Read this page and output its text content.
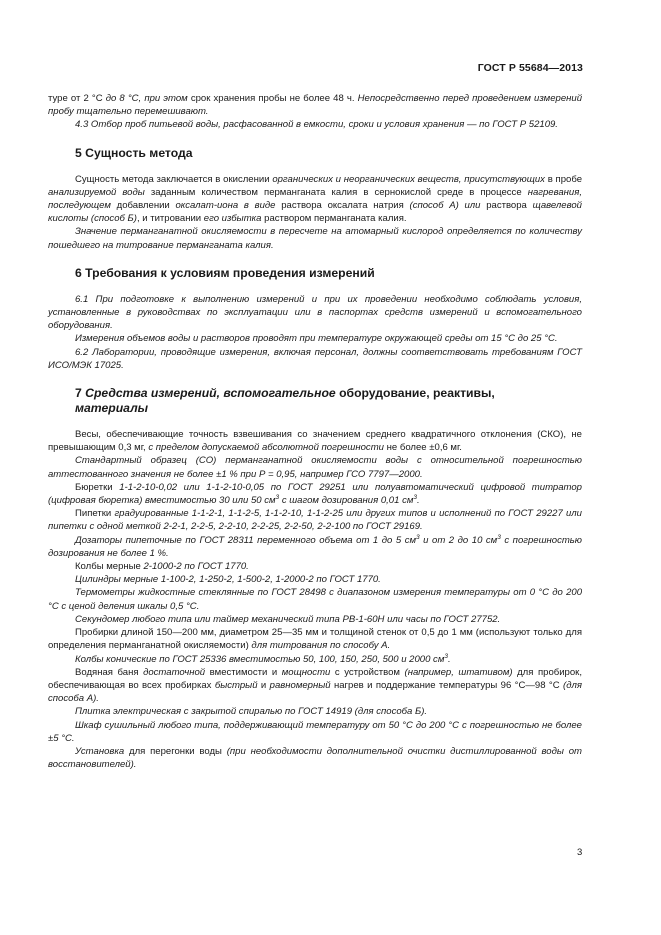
ГОСТ Р 55684—2013

туре от 2 °С до 8 °С, при этом срок хранения пробы не более 48 ч. Непосредственно перед проведением измерений пробу тщательно перемешивают.

4.3 Отбор проб питьевой воды, расфасованной в емкости, сроки и условия хранения — по ГОСТ Р 52109.

5 Сущность метода

Сущность метода заключается в окислении органических и неорганических веществ, присутствующих в пробе анализируемой воды заданным количеством перманганата калия в сернокислой среде в процессе нагревания, последующем добавлении оксалат-иона в виде раствора оксалата натрия (способ А) или раствора щавелевой кислоты (способ Б), и титровании его избытка раствором перманганата калия.

Значение перманганатной окисляемости в пересчете на атомарный кислород определяется по количеству пошедшего на титрование перманганата калия.

6 Требования к условиям проведения измерений

6.1 При подготовке к выполнению измерений и при их проведении необходимо соблюдать условия, установленные в руководствах по эксплуатации или в паспортах средств измерений и вспомогательного оборудования.

Измерения объемов воды и растворов проводят при температуре окружающей среды от 15 °С до 25 °С.

6.2 Лаборатории, проводящие измерения, включая персонал, должны соответствовать требованиям ГОСТ ИСО/МЭК 17025.

7 Средства измерений, вспомогательное оборудование, реактивы,
материалы

Весы, обеспечивающие точность взвешивания со значением среднего квадратичного отклонения (СКО), не превышающим 0,3 мг, с пределом допускаемой абсолютной погрешности не более ±0,6 мг.

Стандартный образец (СО) перманганатной окисляемости воды с относительной погрешностью аттестованного значения не более ±1 % при Р = 0,95, например ГСО 7797—2000.

Бюретки 1-1-2-10-0,02 или 1-1-2-10-0,05 по ГОСТ 29251 или полуавтоматический цифровой титратор (цифровая бюретка) вместимостью 30 или 50 $см^3$ с шагом дозирования 0,01 $см^3$.

Пипетки градуированные 1-1-2-1, 1-1-2-5, 1-1-2-10, 1-1-2-25 или других типов и исполнений по ГОСТ 29227 или пипетки с одной меткой 2-2-1, 2-2-5, 2-2-10, 2-2-25, 2-2-50, 2-2-100 по ГОСТ 29169.

Дозаторы пипеточные по ГОСТ 28311 переменного объема от 1 до 5 $см^3$ и от 2 до 10 $см^3$ с погрешностью дозирования не более 1 %.

Колбы мерные 2-1000-2 по ГОСТ 1770.

Цилиндры мерные 1-100-2, 1-250-2, 1-500-2, 1-2000-2 по ГОСТ 1770.

Термометры жидкостные стеклянные по ГОСТ 28498 с диапазоном измерения температуры от 0 °С до 200 °С с ценой деления шкалы 0,5 °С.

Секундомер любого типа или таймер механический типа РВ-1-60Н или часы по ГОСТ 27752.

Пробирки длиной 150—200 мм, диаметром 25—35 мм и толщиной стенок от 0,5 до 1 мм (используют только для определения перманганатной окисляемости) для титрования по способу А.

Колбы конические по ГОСТ 25336 вместимостью 50, 100, 150, 250, 500 и 2000 $см^3$.

Водяная баня достаточной вместимости и мощности с устройством (например, штативом) для пробирок, обеспечивающая во всех пробирках быстрый и равномерный нагрев и поддержание температуры 96 °С—98 °С (для способа А).

Плитка электрическая с закрытой спиралью по ГОСТ 14919 (для способа Б).

Шкаф сушильный любого типа, поддерживающий температуру от 50 °С до 200 °С с погрешностью не более ±5 °С.

Установка для перегонки воды (при необходимости дополнительной очистки дистиллированной воды от восстановителей).

3
